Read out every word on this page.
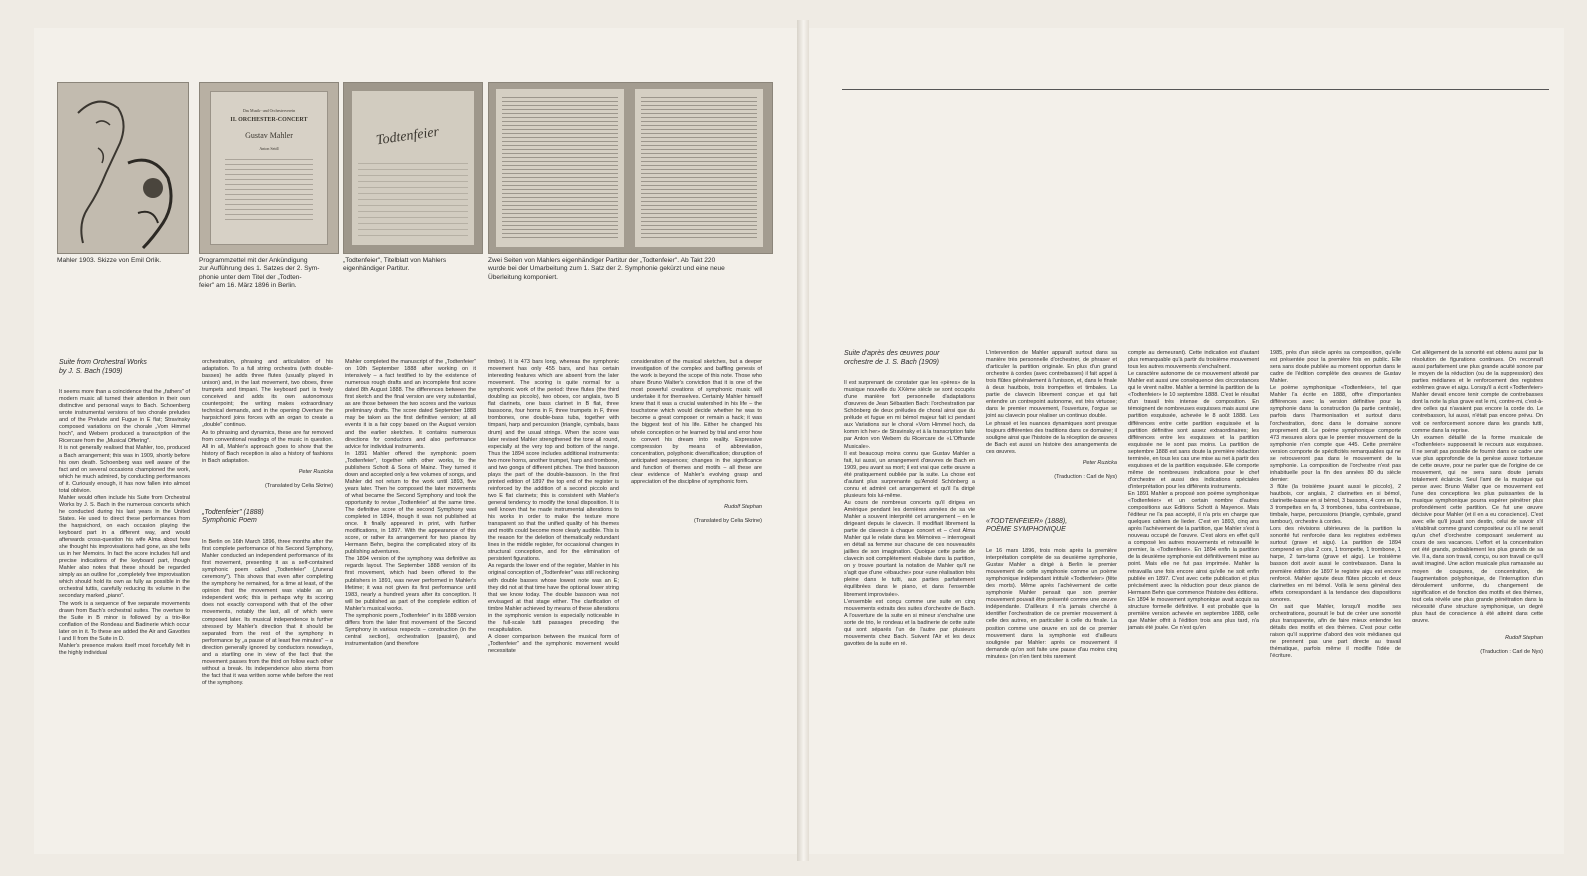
Das Musik- und Orchesterverein
II. ORCHESTER-CONCERT
Gustav Mahler
Anton Seidl
Todtenfeier
Mahler 1903. Skizze von Emil Orlik.	Programmzettel mit der Ankündigung
zur Aufführung des 1. Satzes der 2. Sym-
phonie unter dem Titel der „Todten-
feier" am 16. März 1896 in Berlin.
„Todtenfeier", Titelblatt von Mahlers
eigenhändiger Partitur.
Zwei Seiten von Mahlers eigenhändiger Partitur der „Todtenfeier". Ab Takt 220
wurde bei der Umarbeitung zum 1. Satz der 2. Symphonie gekürzt und eine neue
Überleitung komponiert.

Suite from Orchestral Works
by J. S. Bach (1909)

It seems more than a coincidence that the „fathers" of modern music all turned their attention in their own distinctive and personal ways to Bach. Schoenberg wrote instrumental versions of two chorale preludes and of the Prelude and Fugue in E flat; Stravinsky composed variations on the chorale „Vom Himmel hoch", and Webern produced a transcription of the Ricercare from the „Musical Offering".
It is not generally realised that Mahler, too, produced a Bach arrangement; this was in 1909, shortly before his own death. Schoenberg was well aware of the fact and on several occasions championed the work, which he much admired, by conducting performances of it. Curiously enough, it has now fallen into almost total oblivion.
Mahler would often include his Suite from Orchestral Works by J. S. Bach in the numerous concerts which he conducted during his last years in the United States. He used to direct these performances from the harpsichord, on each occasion playing the keyboard part in a different way, and would afterwards cross-question his wife Alma about how she thought his improvisations had gone, as she tells us in her Memoirs. In fact the score includes full and precise indications of the keyboard part, though Mahler also notes that these should be regarded simply as an outline for „completely free improvisation which should hold its own as fully as possible in the orchestral tuttis, carefully reducing its volume in the secondary marked „piano".
The work is a sequence of five separate movements drawn from Bach's orchestral suites. The overture to the Suite in B minor is followed by a trio-like conflation of the Rondeau and Badinerie which occur later on in it. To these are added the Air and Gavottes I and II from the Suite in D.
Mahler's presence makes itself most forcefully felt in the highly individual

orchestration, phrasing and articulation of his adaptation. To a full string orchestra (with double-basses) he adds three flutes (usually played in unison) and, in the last movement, two oboes, three trumpets and timpani. The keyboard part is freely conceived and adds its own autonomous counterpoint; the writing makes extraordinary technical demands, and in the opening Overture the harpsichord joins forces with an organ to create a „double" continuo.
As to phrasing and dynamics, these are far removed from conventional readings of the music in question. All in all, Mahler's approach goes to show that the history of Bach reception is also a history of fashions in Bach adaptation.

Peter Ruzicka

(Translated by Celia Skrine)

„Todtenfeier" (1888)
Symphonic Poem

In Berlin on 16th March 1896, three months after the first complete performance of his Second Symphony, Mahler conducted an independent performance of its first movement, presenting it as a self-contained symphonic poem called „Todtenfeier" („funeral ceremony"). This shows that even after completing the symphony he remained, for a time at least, of the opinion that the movement was viable as an independent work; this is perhaps why its scoring does not exactly correspond with that of the other movements, notably the last, all of which were composed later. Its musical independence is further stressed by Mahler's direction that it should be separated from the rest of the symphony in performance by „a pause of at least five minutes" – a direction generally ignored by conductors nowadays, and a startling one in view of the fact that the movement passes from the third on follow each other without a break. Its independence also stems from the fact that it was written some while before the rest of the symphony.

Mahler completed the manuscript of the „Todtenfeier" on 10th September 1888 after working on it intensively – a fact testified to by the existence of numerous rough drafts and an incomplete first score dated 8th August 1888. The differences between the first sketch and the final version are very substantial, as are those between the two scores and the various preliminary drafts. The score dated September 1888 may be taken as the first definitive version; at all events it is a fair copy based on the August version and the earlier sketches. It contains numerous directions for conductors and also performance advice for individual instruments.
In 1891 Mahler offered the symphonic poem „Todtenfeier", together with other works, to the publishers Schott & Sons of Mainz. They turned it down and accepted only a few volumes of songs, and Mahler did not return to the work until 1893, five years later. Then he composed the later movements of what became the Second Symphony and took the opportunity to revise „Todtenfeier" at the same time. The definitive score of the second Symphony was completed in 1894, though it was not published at once. It finally appeared in print, with further modifications, in 1897. With the appearance of this score, or rather its arrangement for two pianos by Hermann Behn, begins the complicated story of its publishing adventures.
The 1894 version of the symphony was definitive as regards layout. The September 1888 version of its first movement, which had been offered to the publishers in 1891, was never performed in Mahler's lifetime; it was not given its first performance until 1983, nearly a hundred years after its conception. It will be published as part of the complete edition of Mahler's musical works.
The symphonic poem „Todtenfeier" in its 1888 version differs from the later first movement of the Second Symphony in various respects – construction (in the central section), orchestration (passim), and instrumentation (and therefore

timbre). It is 473 bars long, whereas the symphonic movement has only 455 bars, and has certain interesting features which are absent from the later movement. The scoring is quite normal for a symphonic work of the period: three flutes (the third doubling as piccolo), two oboes, cor anglais, two B flat clarinets, one bass clarinet in B flat, three bassoons, four horns in F, three trumpets in F, three trombones, one double-bass tuba, together with timpani, harp and percussion (triangle, cymbals, bass drum) and the usual strings. When the score was later revised Mahler strengthened the tone all round, especially at the very top and bottom of the range. Thus the 1894 score includes additional instruments: two more horns, another trumpet, harp and trombone, and two gongs of different pitches. The third bassoon plays the part of the double-bassoon. In the first printed edition of 1897 the top end of the register is reinforced by the addition of a second piccolo and two E flat clarinets; this is consistent with Mahler's general tendency to modify the tonal disposition. It is well known that he made instrumental alterations to his works in order to make the texture more transparent so that the unified quality of his themes and motifs could become more clearly audible. This is the reason for the deletion of thematically redundant lines in the middle register, for occasional changes in structural conception, and for the elimination of persistent figurations.
As regards the lower end of the register, Mahler in his original conception of „Todtenfeier" was still reckoning with double basses whose lowest note was an E; they did not at that time have the optional lower string that we know today. The double bassoon was not envisaged at that stage either. The clarification of timbre Mahler achieved by means of these alterations in the symphonic version is especially noticeable in the full-scale tutti passages preceding the recapitulation.
A closer comparison between the musical form of „Todtenfeier" and the symphonic movement would necessitate

consideration of the musical sketches, but a deeper investigation of the complex and baffling genesis of the work is beyond the scope of this note. Those who share Bruno Walter's conviction that it is one of the most powerful creations of symphonic music will undertake it for themselves. Certainly Mahler himself knew that it was a crucial watershed in his life – the touchstone which would decide whether he was to become a great composer or remain a hack; it was the biggest test of his life. Either he changed his whole conception or he learned by trial and error how to convert his dream into reality. Expressive compression by means of abbreviation, concentration, polyphonic diversification; disruption of anticipated sequences; changes in the significance and function of themes and motifs – all these are clear evidence of Mahler's evolving grasp and appreciation of the discipline of symphonic form.

Rudolf Stephan

(Translated by Celia Skrine)

Suite d'après des œuvres pour
orchestre de J. S. Bach (1909)

Il est surprenant de constater que les «pères» de la musique nouvelle du XXème siècle se sont occupés d'une manière fort personnelle d'adaptations d'œuvres de Jean Sébastien Bach: l'orchestration par Schönberg de deux préludes de choral ainsi que du prélude et fugue en mi bémol majeur fait ici pendant aux Variations sur le choral «Vom Himmel hoch, da komm ich her» de Stravinsky et à la transcription faite par Anton von Webern du Ricercare de «L'Offrande Musicale».
Il est beaucoup moins connu que Gustav Mahler a fait, lui aussi, un arrangement d'œuvres de Bach en 1909, peu avant sa mort; il est vrai que cette œuvre a été pratiquement oubliée par la suite. La chose est d'autant plus surprenante qu'Arnold Schönberg a connu et admiré cet arrangement et qu'il l'a dirigé plusieurs fois lui-même.
Au cours de nombreux concerts qu'il dirigea en Amérique pendant les dernières années de sa vie Mahler a souvent interprété cet arrangement – en le dirigeant depuis le clavecin. Il modifiait librement la partie de clavecin à chaque concert et – c'est Alma Mahler qui le relate dans les Mémoires – interrogeait en détail sa femme sur chacune de ces nouveautés jaillies de son imagination. Quoique cette partie de clavecin soit complètement réalisée dans la partition, on y trouve pourtant la notation de Mahler qu'il ne s'agit que d'une «ébauche» pour «une réalisation très pleine dans le tutti, aux parties parfaitement équilibrées dans le piano, et dans l'ensemble librement improvisée».
L'ensemble est conçu comme une suite en cinq mouvements extraits des suites d'orchestre de Bach. A l'ouverture de la suite en si mineur s'enchaîne une sorte de trio, le rondeau et la badinerie de cette suite qui sont séparés l'un de l'autre par plusieurs mouvements chez Bach. Suivent l'Air et les deux gavottes de la suite en ré.

L'intervention de Mahler apparaît surtout dans sa manière très personnelle d'orchestrer, de phraser et d'articuler la partition originale. En plus d'un grand orchestre à cordes (avec contrebasses) il fait appel à trois flûtes généralement à l'unisson, et, dans le finale à deux hautbois, trois trompettes et timbales. La partie de clavecin librement conçue et qui fait entendre un contrepoint autonome, est très virtuose; dans le premier mouvement, l'ouverture, l'orgue se joint au clavecin pour réaliser un continuo double.
Le phrasé et les nuances dynamiques sont presque toujours différentes des traditions dans ce domaine; il souligne ainsi que l'histoire de la réception de œuvres de Bach est aussi un histoire des arrangements de ces œuvres.

Peter Ruzicka

(Traduction : Carl de Nys)

«TODTENFEIER» (1888),
POÈME SYMPHONIQUE

Le 16 mars 1896, trois mois après la première interprétation complète de sa deuxième symphonie, Gustav Mahler a dirigé à Berlin le premier mouvement de cette symphonie comme un poème symphonique indépendant intitulé «Todtenfeier» (fête des morts). Même après l'achèvement de cette symphonie Mahler pensait que son premier mouvement pouvait être présenté comme une œuvre indépendante. D'ailleurs il n'a jamais cherché à identifier l'orchestration de ce premier mouvement à celle des autres, en particulier à celle du finale. La position comme une œuvre en soi de ce premier mouvement dans la symphonie est d'ailleurs soulignée par Mahler: après ce mouvement il demande qu'on soit faite une pause d'au moins cinq minutes» (on n'en tient très rarement

compte au demeurant). Cette indication est d'autant plus remarquable qu'à partir du troisième mouvement tous les autres mouvements s'enchaînent.
Le caractère autonome de ce mouvement attesté par Mahler est aussi une conséquence des circonstances qui le virent naître. Mahler a terminé la partition de la «Todtenfeier» le 10 septembre 1888. C'est le résultat d'un travail très intense de composition. En témoignent de nombreuses esquisses mais aussi une partition esquissée, achevée le 8 août 1888. Les différences entre cette partition esquissée et la partition définitive sont assez extraordinaires; les différences entre les esquisses et la partition esquissée ne le sont pas moins. La partition de septembre 1888 est sans doute la première rédaction terminée, en tous les cas une mise au net à partir des esquisses et de la partition esquissée. Elle comporte même de nombreuses indications pour le chef d'orchestre et aussi des indications spéciales d'interprétation pour les différents instruments.
En 1891 Mahler a proposé son poème symphonique «Todtenfeier» et un certain nombre d'autres compositions aux Editions Schott à Mayence. Mais l'éditeur ne l'a pas accepté, il n'a pris en charge que quelques cahiers de lieder. C'est en 1893, cinq ans après l'achèvement de la partition, que Mahler s'est à nouveau occupé de l'œuvre. C'est alors en effet qu'il a composé les autres mouvements et retravaillé le premier, la «Todtenfeier». En 1894 enfin la partition de la deuxième symphonie est définitivement mise au point. Mais elle ne fut pas imprimée. Mahler la retravailla une fois encore ainsi qu'elle ne soit enfin publiée en 1897. C'est avec cette publication et plus précisément avec la réduction pour deux pianos de Hermann Behn que commence l'histoire des éditions.
En 1894 le mouvement symphonique avait acquis sa structure formelle définitive. Il est probable que la première version achevée en septembre 1888, celle que Mahler offrit à l'édition trois ans plus tard, n'a jamais été jouée. Ce n'est qu'en

1985, près d'un siècle après sa composition, qu'elle est présentée pour la première fois en public. Elle sera sans doute publiée au moment opportun dans le cadre de l'édition complète des œuvres de Gustav Mahler.
Le poème symphonique «Todtenfeier», tel que Mahler l'a écrite en 1888, offre d'importantes différences avec la version définitive pour la symphonie dans la construction (la partie centrale), parfois dans l'harmonisation et surtout dans l'orchestration, donc dans le domaine sonore proprement dit. Le poème symphonique comporte 473 mesures alors que le premier mouvement de la symphonie n'en compte que 445. Cette première version comporte de spécificités remarquables qui ne se retrouveront pas dans le mouvement de la symphonie. La composition de l'orchestre n'est pas inhabituelle pour la fin des années 80 du siècle dernier:
3 flûte (la troisième jouant aussi le piccolo), 2 hautbois, cor anglais, 2 clarinettes en si bémol, clarinette-basse en si bémol, 3 bassons, 4 cors en fa, 3 trompettes en fa, 3 trombones, tuba contrebasse, timbale, harpe, percussions (triangle, cymbale, grand tambour), orchestre à cordes.
Lors des révisions ultérieures de la partition la sonorité fut renforcée dans les registres extrêmes surtout (grave et aigu). La partition de 1894 comprend en plus 2 cors, 1 trompette, 1 trombone, 1 harpe, 2 tam-tams (grave et aigu). Le troisième basson doit avoir aussi le contrebasson. Dans la première édition de 1897 le registre aigu est encore renforcé. Mahler ajoute deux flûtes piccolo et deux clarinettes en mi bémol. Voilà le sens général des effets correspondant à la tendance des dispositions sonores.
On sait que Mahler, lorsqu'il modifie ses orchestrations, poursuit le but de créer une sonorité plus transparente, afin de faire mieux entendre les détails des motifs et des thèmes. C'est pour cette raison qu'il supprime d'abord des voix médianes qui ne prennent pas une part directe au travail thématique, parfois même il modifie l'idée de l'écriture.

Cet allègement de la sonorité est obtenu aussi par la résolution de figurations continues. On reconnaît aussi parfaitement une plus grande acuité sonore par le moyen de la réduction (ou de la suppression) des parties médianes et le renforcement des registres extrêmes grave et aigu. Lorsqu'il a écrit «Todtenfeier» Mahler devait encore tenir compte de contrebasses dont la note la plus grave est le mi, contre-mi, c'est-à-dire celles qui n'avaient pas encore la corde do. Le contrebasson, lui aussi, n'était pas encore prévu. On voit ce renforcement sonore dans les grands tutti, comme dans la reprise.
Un examen détaillé de la forme musicale de «Todtenfeier» supposerait le recours aux esquisses. Il ne serait pas possible de fournir dans ce cadre une vue plus approfondie de la genèse assez tortueuse de cette œuvre, pour ne parler que de l'origine de ce mouvement, qui ne sera sans doute jamais totalement éclaircie. Seul l'ami de la musique qui pense avec Bruno Walter que ce mouvement est l'une des conceptions les plus puissantes de la musique symphonique pourra espérer pénétrer plus profondément cette partition. Ce fut une œuvre décisive pour Mahler (et il en a eu conscience). C'est avec elle qu'il jouait son destin, celui de savoir s'il s'établirait comme grand compositeur ou s'il ne serait qu'un chef d'orchestre composant seulement au cours de ses vacances. L'effort et la concentration ont été grands, probablement les plus grands de sa vie. Il a, dans son travail, conçu, ou son travail ce qu'il avait imaginé. Une action musicale plus ramassée au moyen de coupures, de concentration, de l'augmentation polyphonique, de l'interruption d'un déroulement uniforme, du changement de signification et de fonction des motifs et des thèmes, tout cela révèle une plus grande pénétration dans la nécessité d'une structure symphonique, un degré plus haut de conscience à été atteint dans cette œuvre.

Rudolf Stephan

(Traduction : Carl de Nys)
